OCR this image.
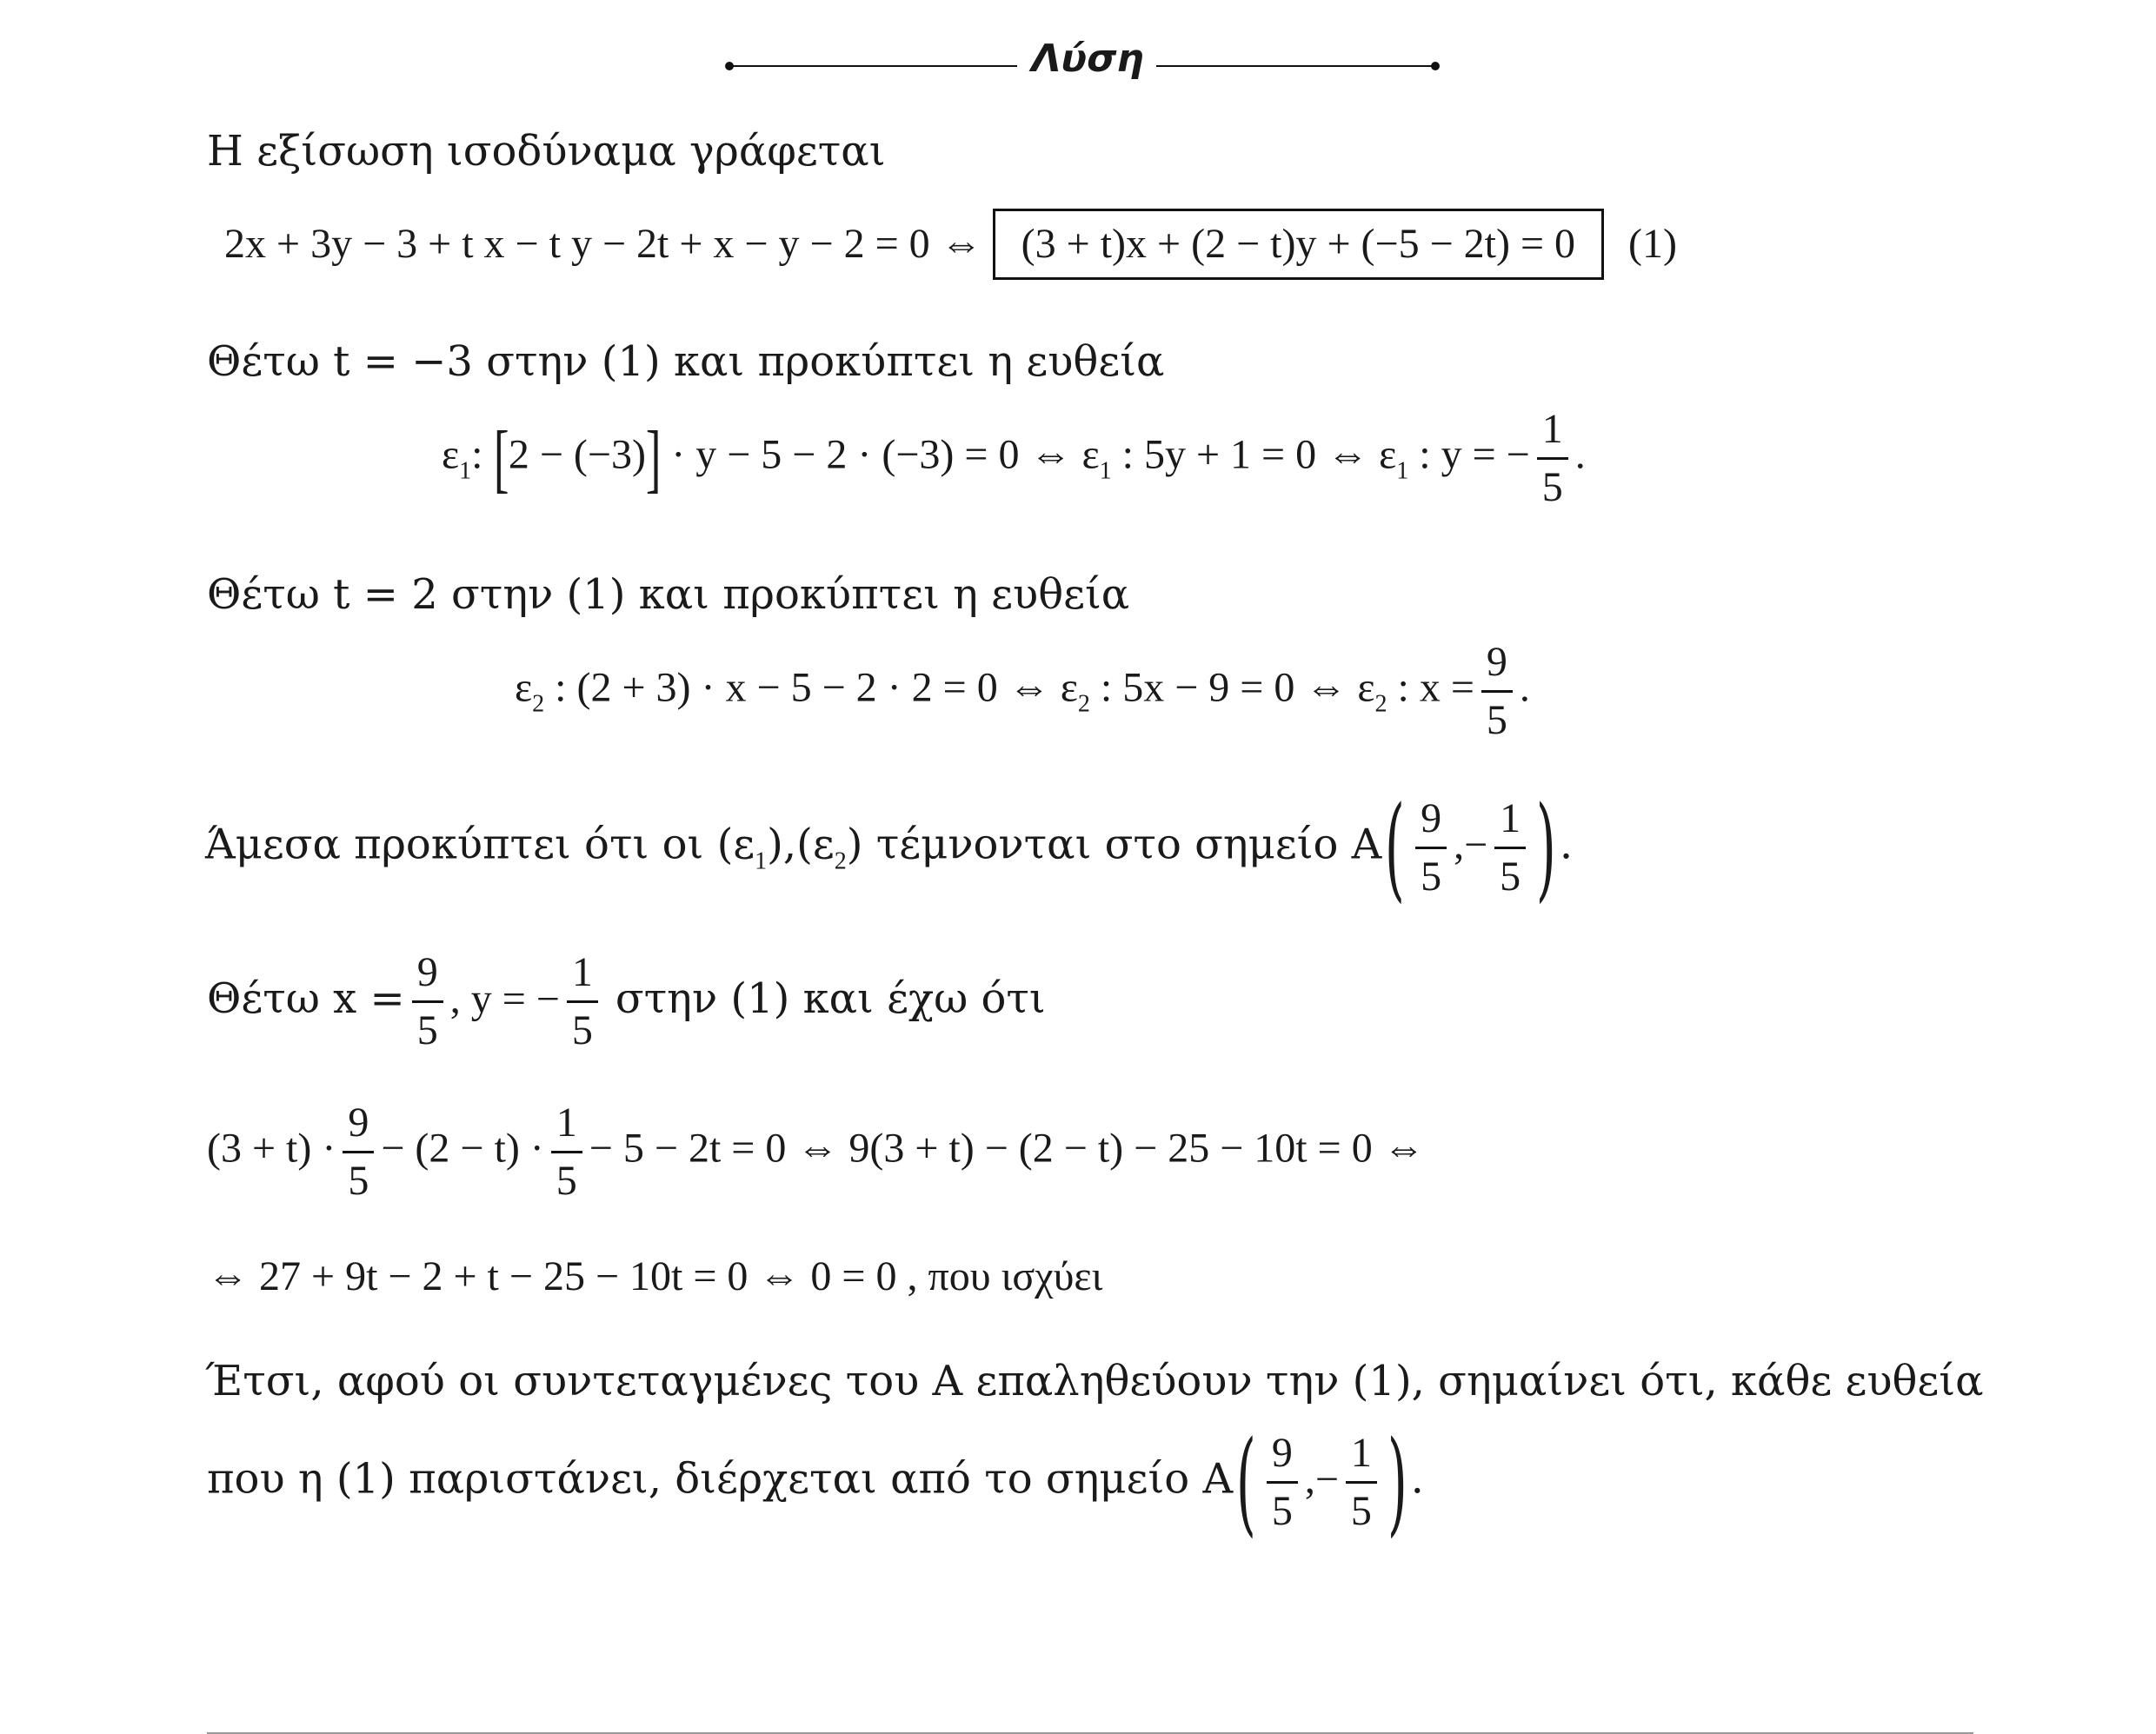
Λύση
Η εξίσωση ισοδύναμα γράφεται
2x + 3y − 3 + t x − t y − 2t + x − y − 2 = 0 ⇔ (3 + t)x + (2 − t)y + (−5 − 2t) = 0 (1)
Θέτω t = −3 στην (1) και προκύπτει η ευθεία
$\varepsilon_1$: [2 − (−3)] · y − 5 − 2 · (−3) = 0 ⇔ $\varepsilon_1$ : 5y + 1 = 0 ⇔ $\varepsilon_1$ : y = − $\frac{1}{5}$ .
Θέτω t = 2 στην (1) και προκύπτει η ευθεία
$\varepsilon_2$ : (2 + 3) · x − 5 − 2 · 2 = 0 ⇔ $\varepsilon_2$ : 5x − 9 = 0 ⇔ $\varepsilon_2$ : $x = \frac{9}{5}$ .
Άμεσα προκύπτει ότι οι $(\varepsilon_1),(\varepsilon_2)$ τέμνονται στο σημείο $A( \frac{9}{5}$ ,− $\frac{1}{5}$ ).
Θέτω $x = \frac{9}{5}$ , y = − $\frac{1}{5}$ στην (1) και έχω ότι
$(3 + t) \cdot \frac{9}{5} - (2 - t) \cdot \frac{1}{5} - 5 - 2t = 0$ ⇔ 9(3 + t) − (2 − t) − 25 − 10t = 0 ⇔
⇔ 27 + 9t − 2 + t − 25 − 10t = 0 ⇔ 0 = 0 , που ισχύει
Έτσι, αφού οι συντεταγμένες του A επαληθεύουν την (1), σημαίνει ότι, κάθε ευθεία
που η (1) παριστάνει, διέρχεται από το σημείο $A( \frac{9}{5}$ ,− $\frac{1}{5}$ ).
